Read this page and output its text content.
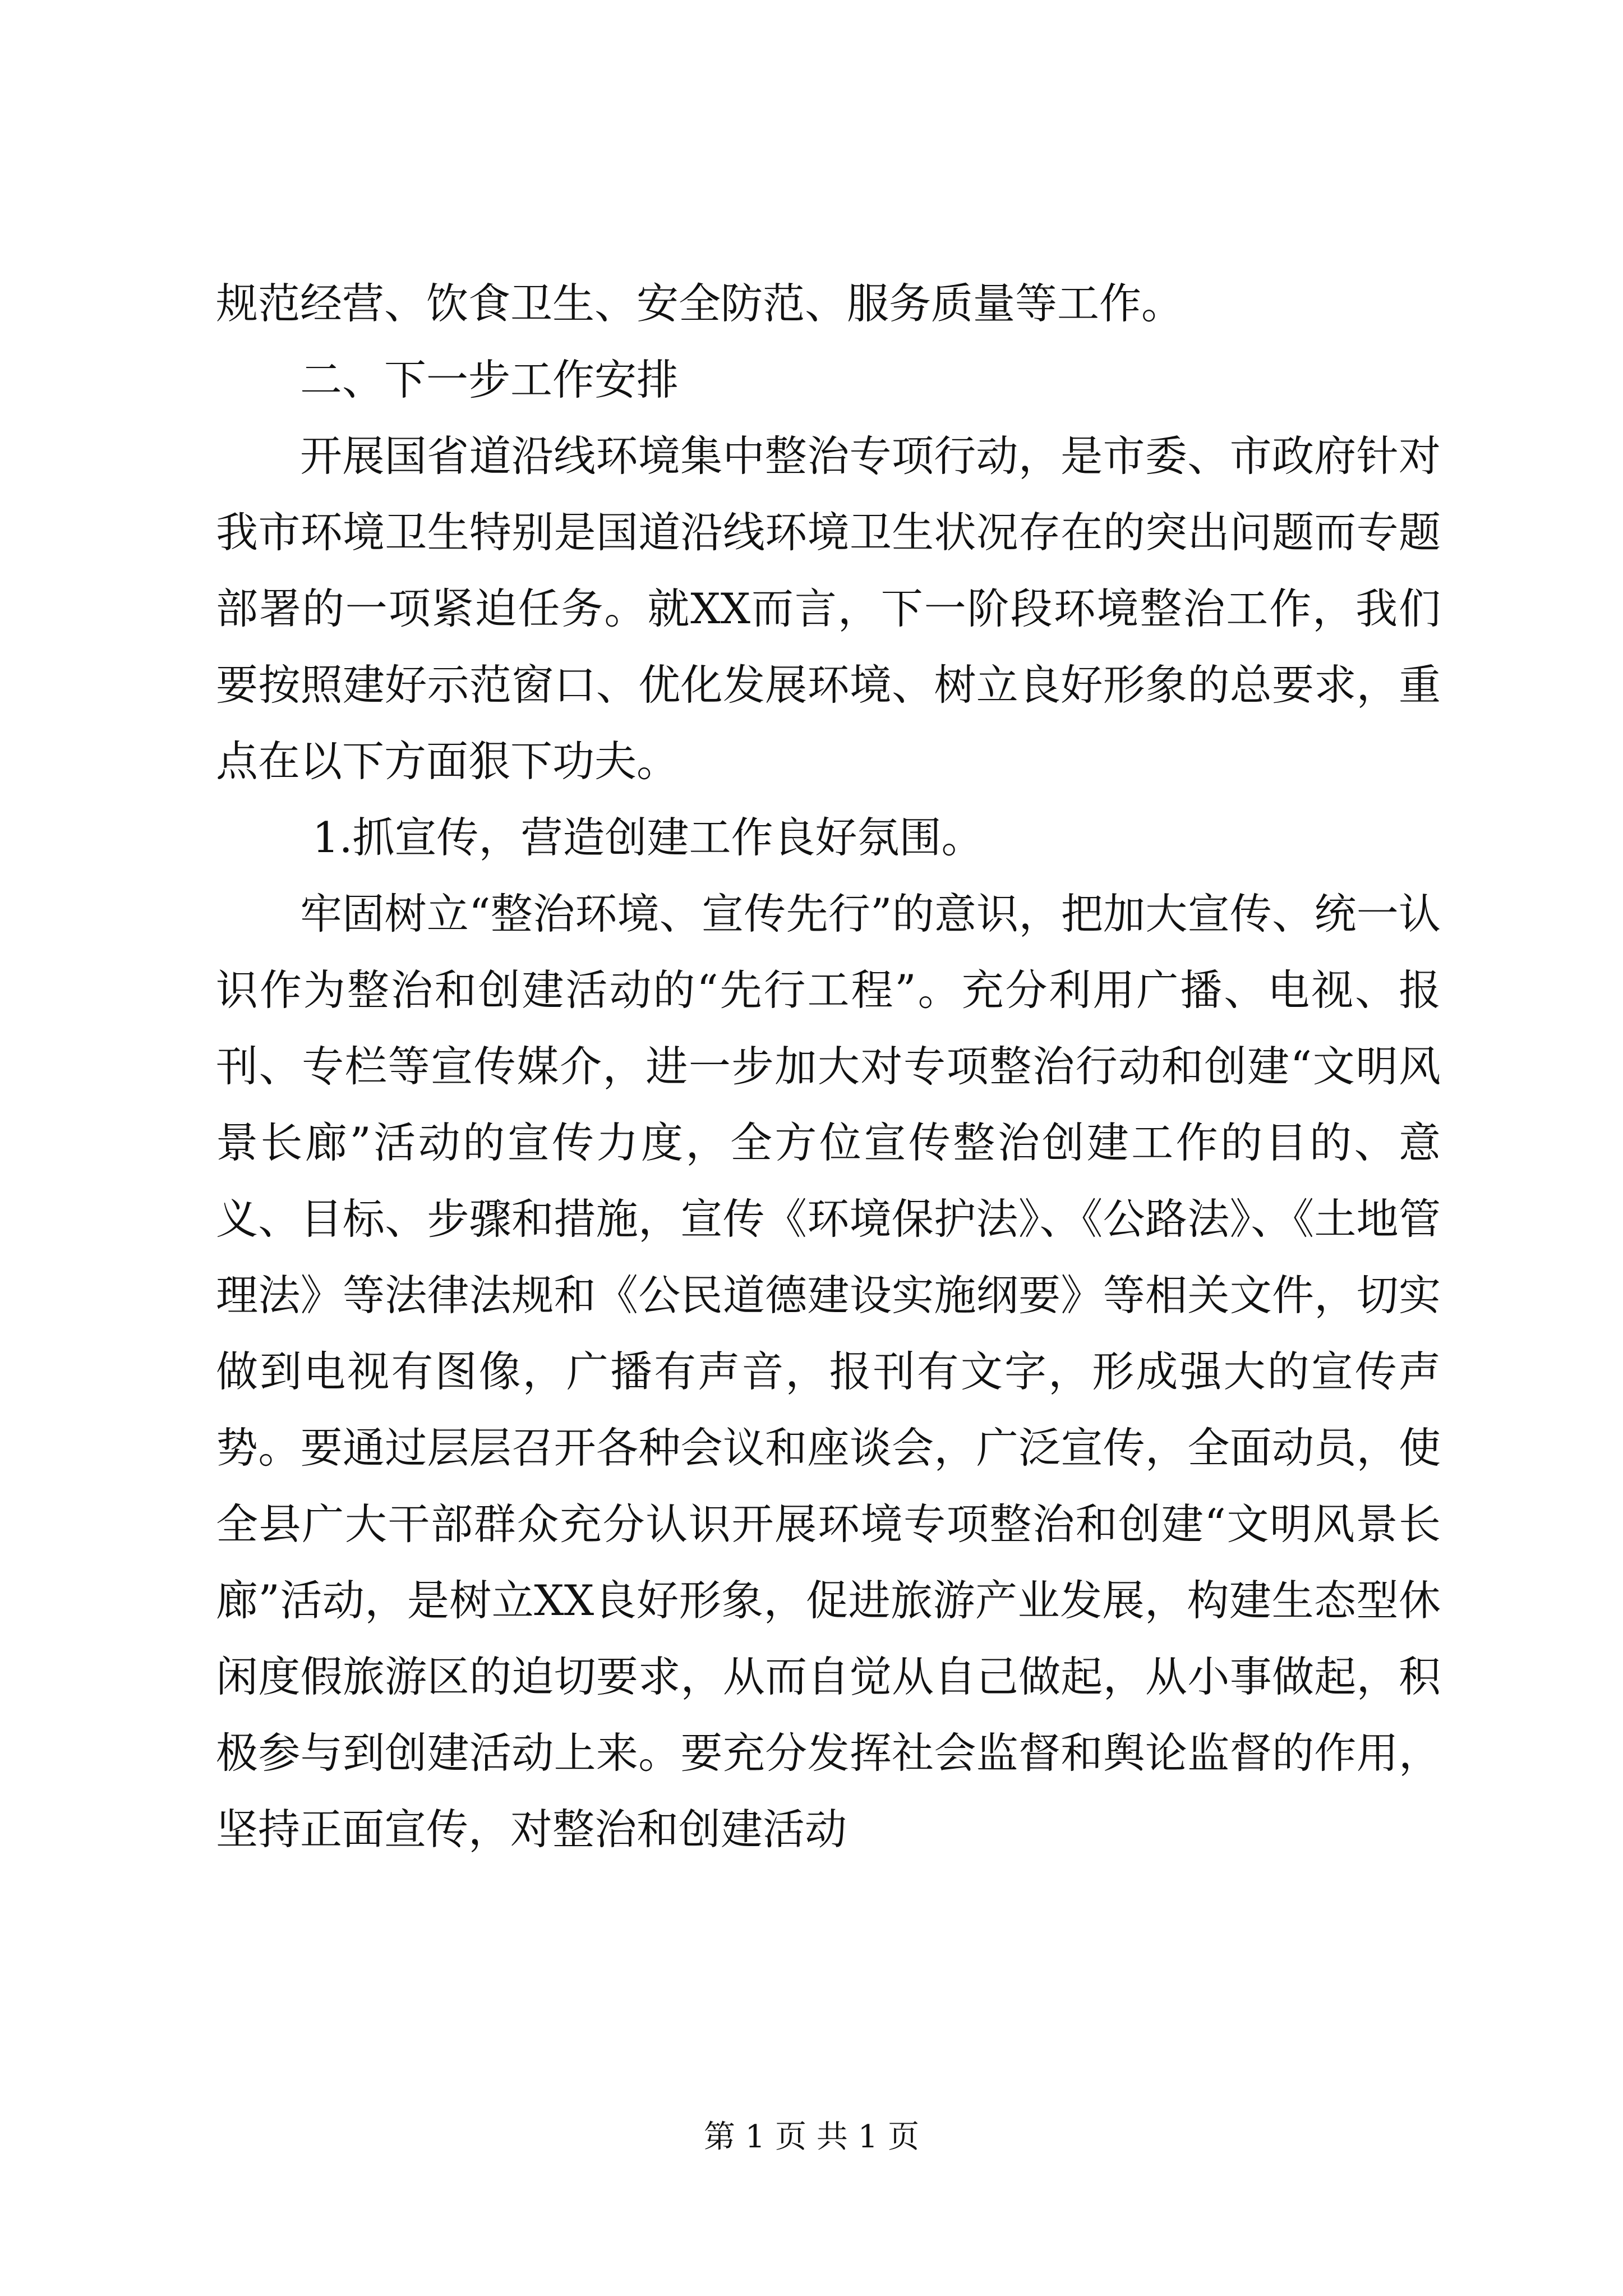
规范经营、饮食卫生、安全防范、服务质量等工作。

二、下一步工作安排

开展国省道沿线环境集中整治专项行动，是市委、市政府针对我市环境卫生特别是国道沿线环境卫生状况存在的突出问题而专题部署的一项紧迫任务。就XX而言，下一阶段环境整治工作，我们要按照建好示范窗口、优化发展环境、树立良好形象的总要求，重点在以下方面狠下功夫。

1.抓宣传，营造创建工作良好氛围。

牢固树立“整治环境、宣传先行”的意识，把加大宣传、统一认识作为整治和创建活动的“先行工程”。充分利用广播、电视、报刊、专栏等宣传媒介，进一步加大对专项整治行动和创建“文明风景长廊”活动的宣传力度，全方位宣传整治创建工作的目的、意义、目标、步骤和措施，宣传《环境保护法》、《公路法》、《土地管理法》等法律法规和《公民道德建设实施纲要》等相关文件，切实做到电视有图像，广播有声音，报刊有文字，形成强大的宣传声势。要通过层层召开各种会议和座谈会，广泛宣传，全面动员，使全县广大干部群众充分认识开展环境专项整治和创建“文明风景长廊”活动，是树立XX良好形象，促进旅游产业发展，构建生态型休闲度假旅游区的迫切要求，从而自觉从自己做起，从小事做起，积极参与到创建活动上来。要充分发挥社会监督和舆论监督的作用，坚持正面宣传，对整治和创建活动

第 1 页 共 1 页
